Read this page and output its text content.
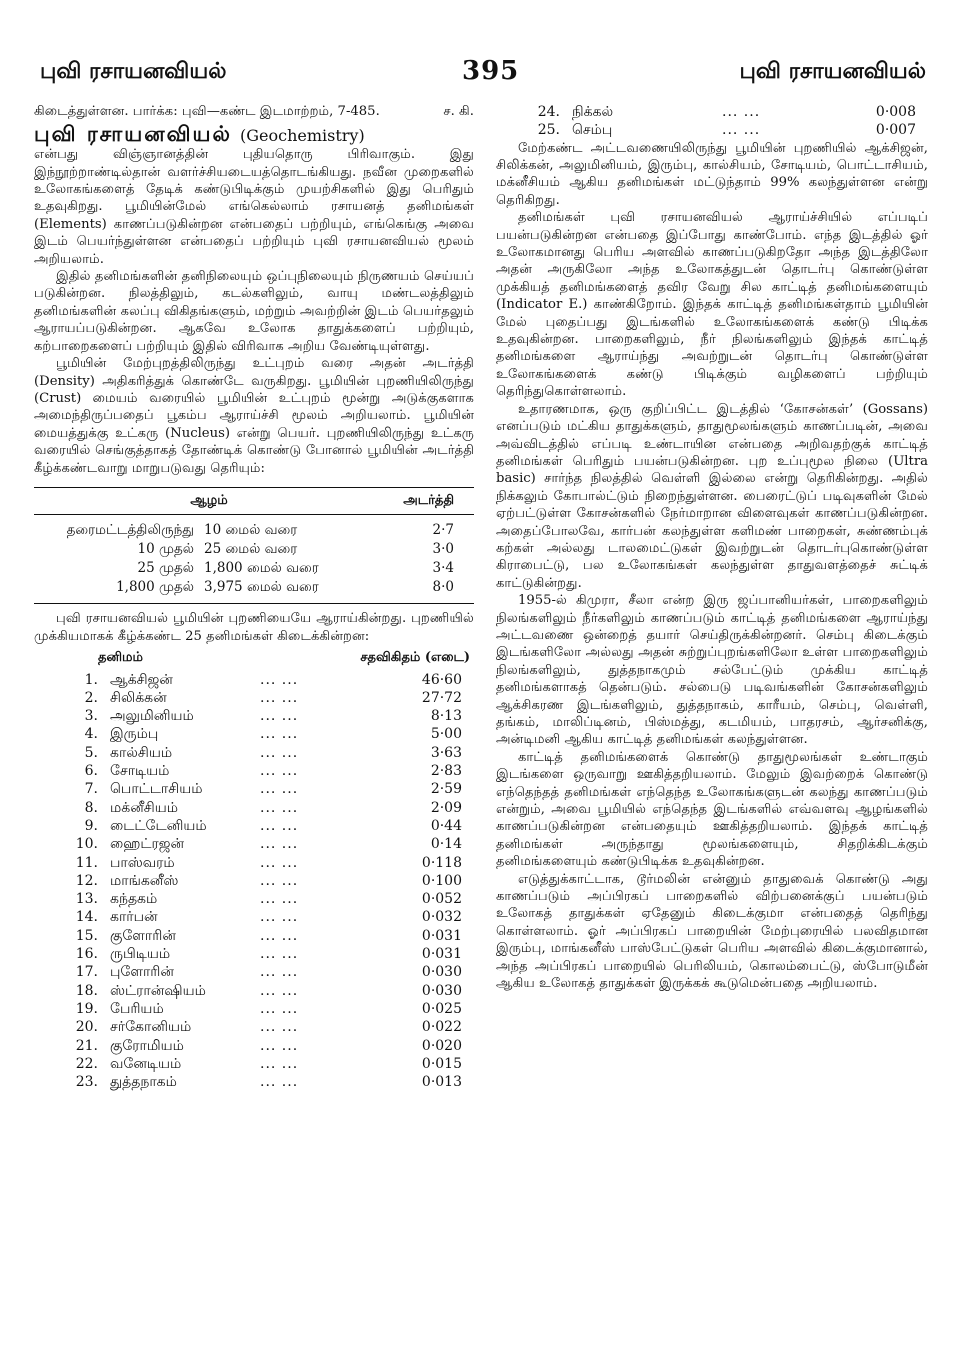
புவி ரசாயனவியல்	395	புவி ரசாயனவியல்
கிடைத்துள்ளன. பார்க்க: புவி—கண்ட இடமாற்றம், 7-485.	ச. கி.
புவி ரசாயனவியல் (Geochemistry)

என்பது விஞ்ஞானத்தின் புதியதொரு பிரிவாகும். இது இந்நூற்றாண்டில்தான் வளர்ச்சியடையத்தொடங்கியது. நவீன முறைகளில் உலோகங்களைத் தேடிக் கண்டுபிடிக்கும் முயற்சிகளில் இது பெரிதும் உதவுகிறது. பூமியின்மேல் எங்கெல்லாம் ரசாயனத் தனிமங்கள் (Elements) காணப்படுகின்றன என்பதைப் பற்றியும், எங்கெங்கு அவை இடம் பெயர்ந்துள்ளன என்பதைப் பற்றியும் புவி ரசாயனவியல் மூலம் அறியலாம்.

இதில் தனிமங்களின் தனிநிலையும் ஒப்புநிலையும் நிருணயம் செய்யப் படுகின்றன. நிலத்திலும், கடல்களிலும், வாயு மண்டலத்திலும் தனிமங்களின் கலப்பு விகிதங்களும், மற்றும் அவற்றின் இடம் பெயர்தலும் ஆராயப்படுகின்றன. ஆகவே உலோக தாதுக்களைப் பற்றியும், கற்பாறைகளைப் பற்றியும் இதில் விரிவாக அறிய வேண்டியுள்ளது.

பூமியின் மேற்புறத்திலிருந்து உட்புறம் வரை அதன் அடர்த்தி (Density) அதிகரித்துக் கொண்டே வருகிறது. பூமியின் புறணியிலிருந்து (Crust) மையம் வரையில் பூமியின் உட்புறம் மூன்று அடுக்குகளாக அமைந்திருப்பதைப் பூகம்ப ஆராய்ச்சி மூலம் அறியலாம். பூமியின் மையத்துக்கு உட்கரு (Nucleus) என்று பெயர். புறணியிலிருந்து உட்கரு வரையில் செங்குத்தாகத் தோண்டிக் கொண்டு போனால் பூமியின் அடர்த்தி கீழ்க்கண்டவாறு மாறுபடுவது தெரியும்:

ஆழம்		அடர்த்தி
தரைமட்டத்திலிருந்து	10 மைல் வரை	2·7
10 முதல்	25 மைல் வரை	3·0
25 முதல்	1,800 மைல் வரை	3·4
1,800 முதல்	3,975 மைல் வரை	8·0

புவி ரசாயனவியல் பூமியின் புறணியையே ஆராய்கின்றது. புறணியில் முக்கியமாகக் கீழ்க்கண்ட 25 தனிமங்கள் கிடைக்கின்றன:

தனிமம்		சதவிகிதம் (எடை)	
1.	ஆக்சிஜன்	... ...	46·60
2.	சிலிக்கன்	... ...	27·72
3.	அலுமினியம்	... ...	8·13
4.	இரும்பு	... ...	5·00
5.	கால்சியம்	... ...	3·63
6.	சோடியம்	... ...	2·83
7.	பொட்டாசியம்	... ...	2·59
8.	மக்னீசியம்	... ...	2·09
9.	டைட்டேனியம்	... ...	0·44
10.	ஹைட்ரஜன்	... ...	0·14
11.	பாஸ்வரம்	... ...	0·118
12.	மாங்கனீஸ்	... ...	0·100
13.	கந்தகம்	... ...	0·052
14.	கார்பன்	... ...	0·032
15.	குளோரின்	... ...	0·031
16.	ருபிடியம்	... ...	0·031
17.	புளோரின்	... ...	0·030
18.	ஸ்ட்ரான்ஷியம்	... ...	0·030
19.	பேரியம்	... ...	0·025
20.	சர்கோனியம்	... ...	0·022
21.	குரோமியம்	... ...	0·020
22.	வனேடியம்	... ...	0·015
23.	துத்தநாகம்	... ...	0·013
24.	நிக்கல்	... ...	0·008
25.	செம்பு	... ...	0·007

மேற்கண்ட அட்டவணையிலிருந்து பூமியின் புறணியில் ஆக்சிஜன், சிலிக்கன், அலுமினியம், இரும்பு, கால்சியம், சோடியம், பொட்டாசியம், மக்னீசியம் ஆகிய தனிமங்கள் மட்டுந்தாம் 99% கலந்துள்ளன என்று தெரிகிறது.

தனிமங்கள் புவி ரசாயனவியல் ஆராய்ச்சியில் எப்படிப் பயன்படுகின்றன என்பதை இப்போது காண்போம். எந்த இடத்தில் ஓர் உலோகமானது பெரிய அளவில் காணப்படுகிறதோ அந்த இடத்திலோ அதன் அருகிலோ அந்த உலோகத்துடன் தொடர்பு கொண்டுள்ள முக்கியத் தனிமங்களைத் தவிர வேறு சில காட்டித் தனிமங்களையும் (Indicator E.) காண்கிறோம். இந்தக் காட்டித் தனிமங்கள்தாம் பூமியின் மேல் புதைப்பது இடங்களில் உலோகங்களைக் கண்டு பிடிக்க உதவுகின்றன. பாறைகளிலும், நீர் நிலங்களிலும் இந்தக் காட்டித் தனிமங்களை ஆராய்ந்து அவற்றுடன் தொடர்பு கொண்டுள்ள உலோகங்களைக் கண்டு பிடிக்கும் வழிகளைப் பற்றியும் தெரிந்துகொள்ளலாம்.

உதாரணமாக, ஒரு குறிப்பிட்ட இடத்தில் ‘கோசன்கள்’ (Gossans) எனப்படும் மட்கிய தாதுக்களும், தாதுமூலங்களும் காணப்படின், அவை அவ்விடத்தில் எப்படி உண்டாயின என்பதை அறிவதற்குக் காட்டித் தனிமங்கள் பெரிதும் பயன்படுகின்றன. புற உப்புமூல நிலை (Ultra basic) சார்ந்த நிலத்தில் வெள்ளி இல்லை என்று தெரிகின்றது. அதில் நிக்கலும் கோபால்ட்டும் நிறைந்துள்ளன. பைரைட்டுப் படிவுகளின் மேல் ஏற்பட்டுள்ள கோசன்களில் நேர்மாறான விளைவுகள் காணப்படுகின்றன. அதைப்போலவே, கார்பன் கலந்துள்ள களிமண் பாறைகள், சுண்ணம்புக் கற்கள் அல்லது டாலமைட்டுகள் இவற்றுடன் தொடர்புகொண்டுள்ள கிராபைட்டு, பல உலோகங்கள் கலந்துள்ள தாதுவளத்தைச் சுட்டிக் காட்டுகின்றது.

1955-ல் கிமுரா, சீலா என்ற இரு ஜப்பானியர்கள், பாறைகளிலும் நிலங்களிலும் நீர்களிலும் காணப்படும் காட்டித் தனிமங்களை ஆராய்ந்து அட்டவணை ஒன்றைத் தயார் செய்திருக்கின்றனர். செம்பு கிடைக்கும் இடங்களிலோ அல்லது அதன் சுற்றுப்புறங்களிலோ உள்ள பாறைகளிலும் நிலங்களிலும், துத்தநாகமும் சல்பேட்டும் முக்கிய காட்டித் தனிமங்களாகத் தென்படும். சல்பைடு படிவங்களின் கோசன்களிலும் ஆக்சிகரண இடங்களிலும், துத்தநாகம், காரீயம், செம்பு, வெள்ளி, தங்கம், மாலிப்டினம், பிஸ்மத்து, கடமியம், பாதரசம், ஆர்சனிக்கு, அன்டிமனி ஆகிய காட்டித் தனிமங்கள் கலந்துள்ளன.

காட்டித் தனிமங்களைக் கொண்டு தாதுமூலங்கள் உண்டாகும் இடங்களை ஒருவாறு ஊகித்தறியலாம். மேலும் இவற்றைக் கொண்டு எந்தெந்தத் தனிமங்கள் எந்தெந்த உலோகங்களுடன் கலந்து காணப்படும் என்றும், அவை பூமியில் எந்தெந்த இடங்களில் எவ்வளவு ஆழங்களில் காணப்படுகின்றன என்பதையும் ஊகித்தறியலாம். இந்தக் காட்டித் தனிமங்கள் அருந்தாது மூலங்களையும், சிதறிக்கிடக்கும் தனிமங்களையும் கண்டுபிடிக்க உதவுகின்றன.

எடுத்துக்காட்டாக, டூர்மலின் என்னும் தாதுவைக் கொண்டு அது காணப்படும் அப்பிரகப் பாறைகளில் விற்பனைக்குப் பயன்படும் உலோகத் தாதுக்கள் ஏதேனும் கிடைக்குமா என்பதைத் தெரிந்து கொள்ளலாம். ஓர் அப்பிரகப் பாறையின் மேற்புரையில் பலவிதமான இரும்பு, மாங்கனீஸ் பாஸ்பேட்டுகள் பெரிய அளவில் கிடைக்குமானால், அந்த அப்பிரகப் பாறையில் பெரிலியம், கொலம்பைட்டு, ஸ்போடுமீன் ஆகிய உலோகத் தாதுக்கள் இருக்கக் கூடுமென்பதை அறியலாம்.
